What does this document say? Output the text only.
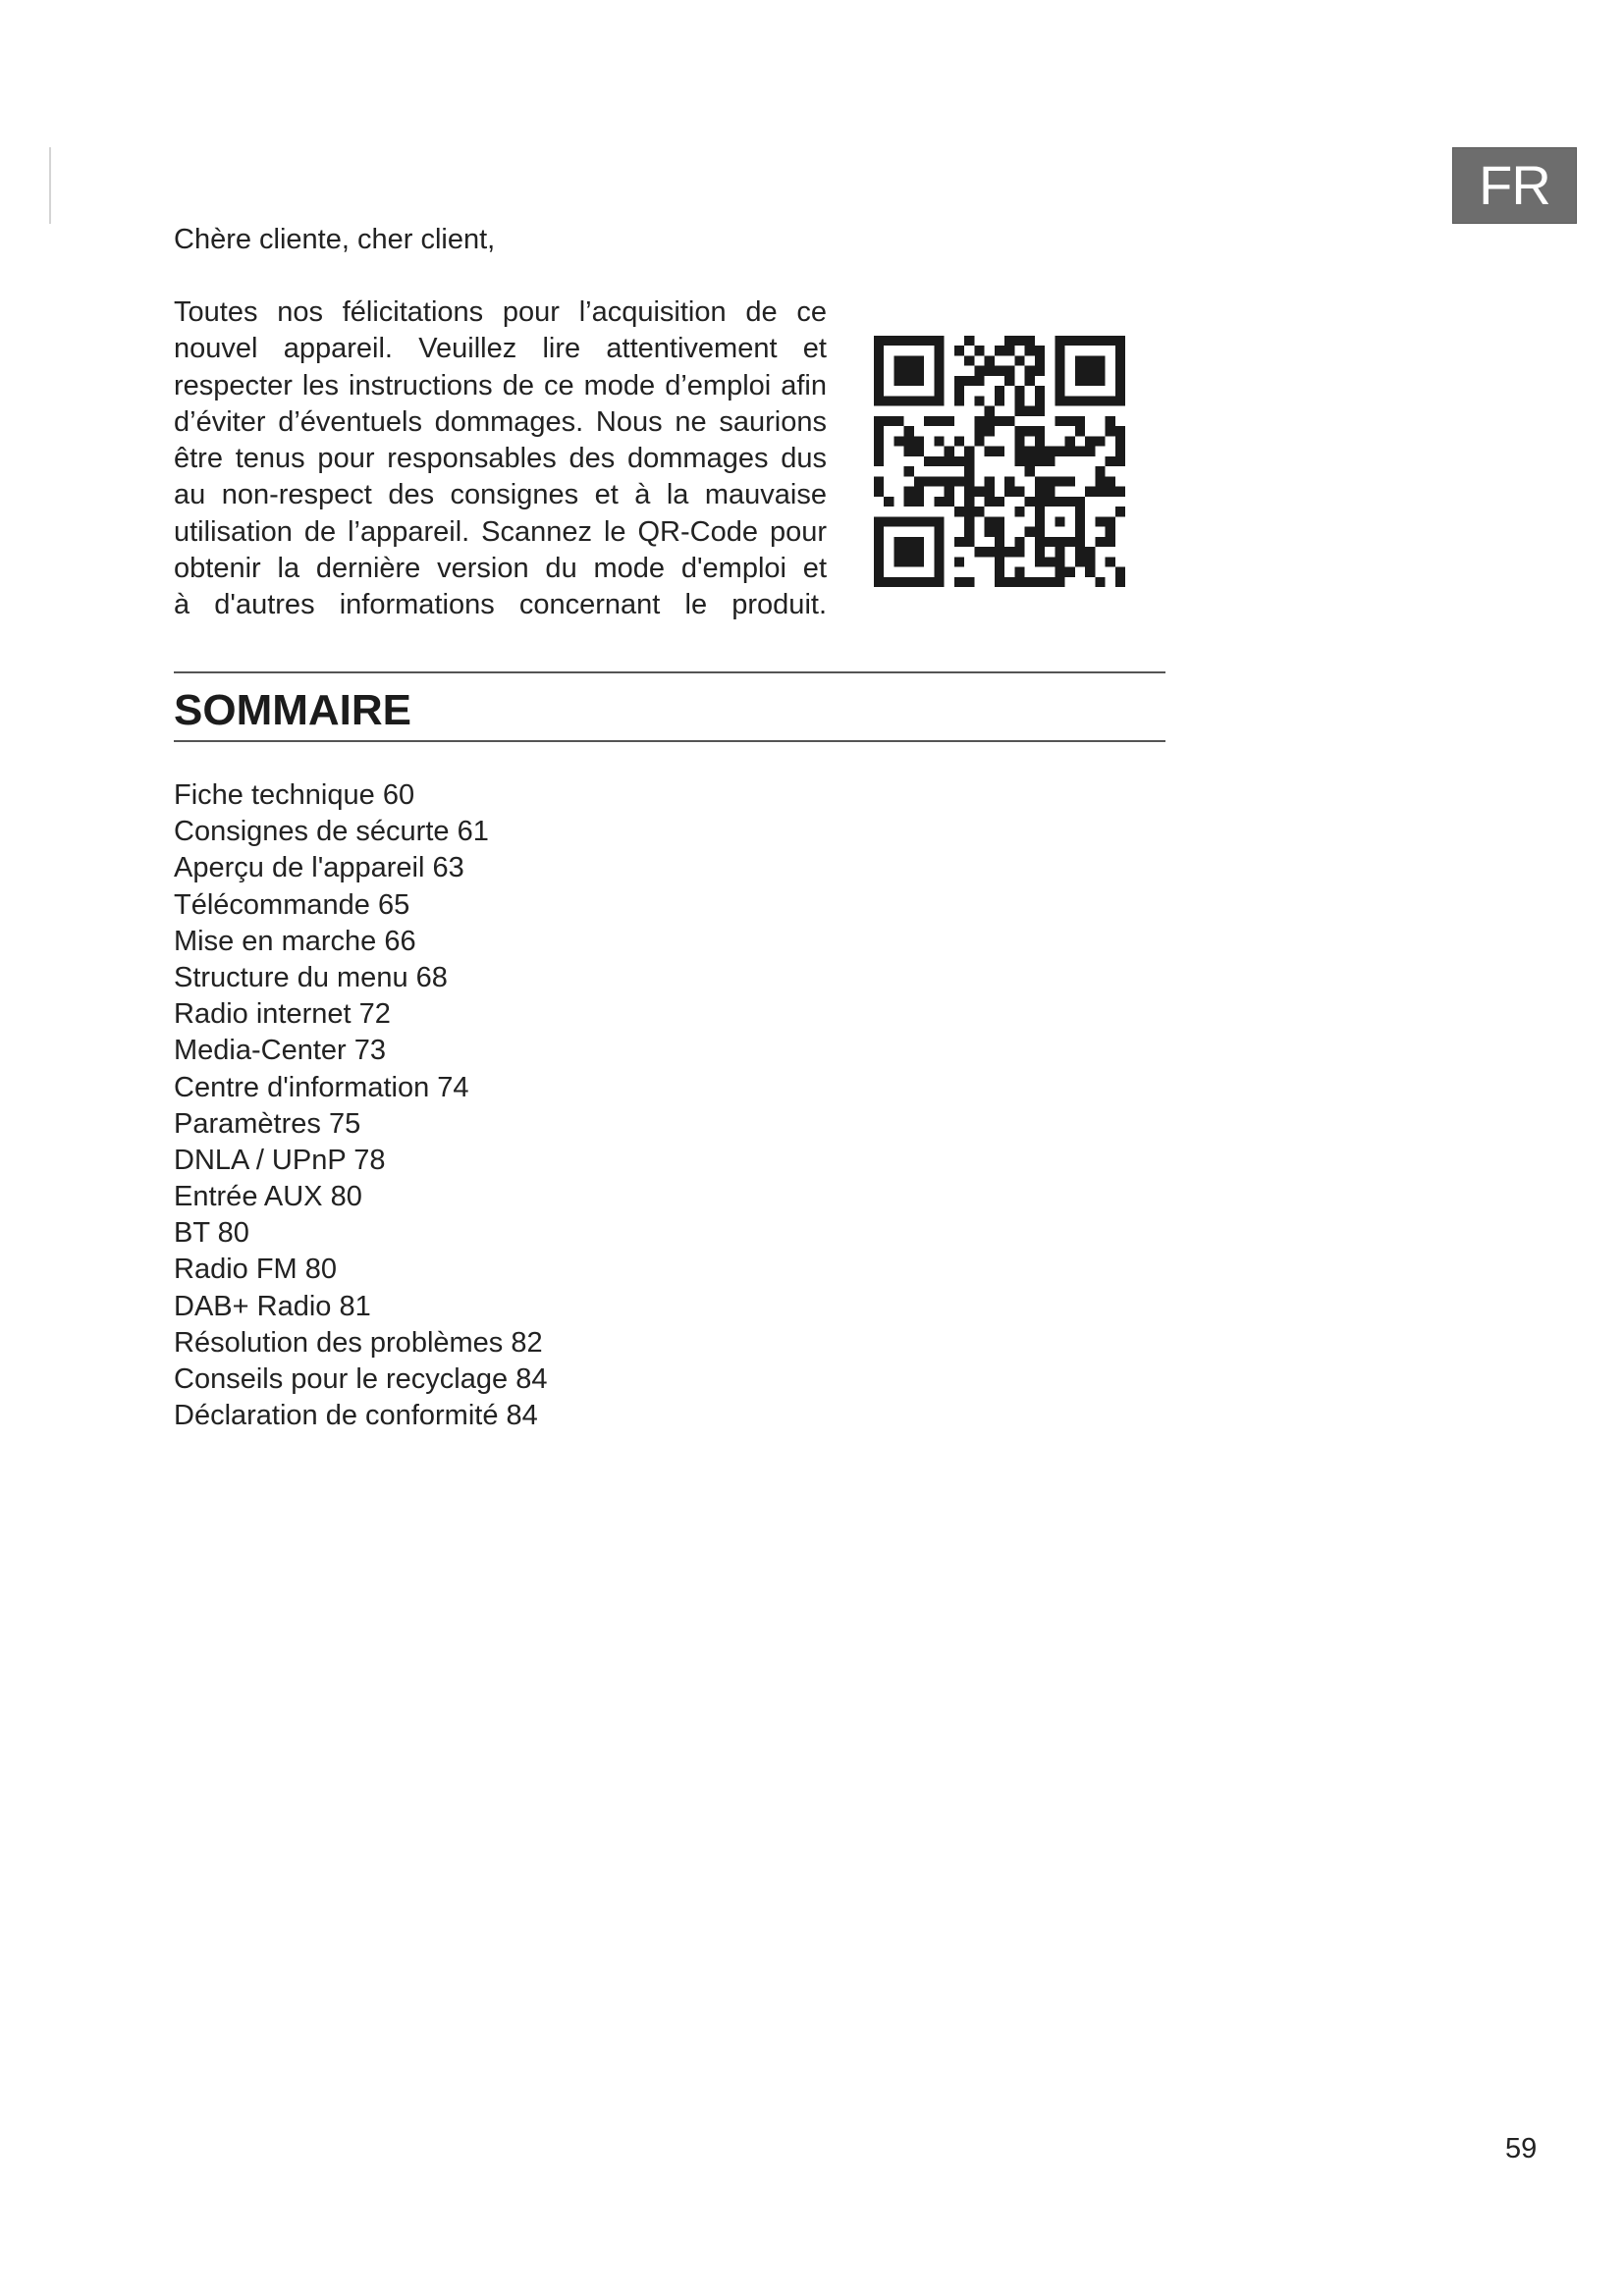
FR
Chère cliente, cher client,
Toutes nos félicitations pour l’acquisition de ce
nouvel appareil. Veuillez lire attentivement et
respecter les instructions de ce mode d’emploi afin
d’éviter d’éventuels dommages. Nous ne saurions
être tenus pour responsables des dommages dus
au non-respect des consignes et à la mauvaise
utilisation de l’appareil. Scannez le QR-Code pour
obtenir la dernière version du mode d'emploi et
à d'autres informations concernant le produit.
SOMMAIRE
Fiche technique 60
Consignes de sécurte 61
Aperçu de l'appareil 63
Télécommande 65
Mise en marche 66
Structure du menu 68
Radio internet 72
Media-Center 73
Centre d'information 74
Paramètres 75
DNLA / UPnP 78
Entrée AUX 80
BT 80
Radio FM 80
DAB+ Radio 81
Résolution des problèmes 82
Conseils pour le recyclage 84
Déclaration de conformité 84
59
